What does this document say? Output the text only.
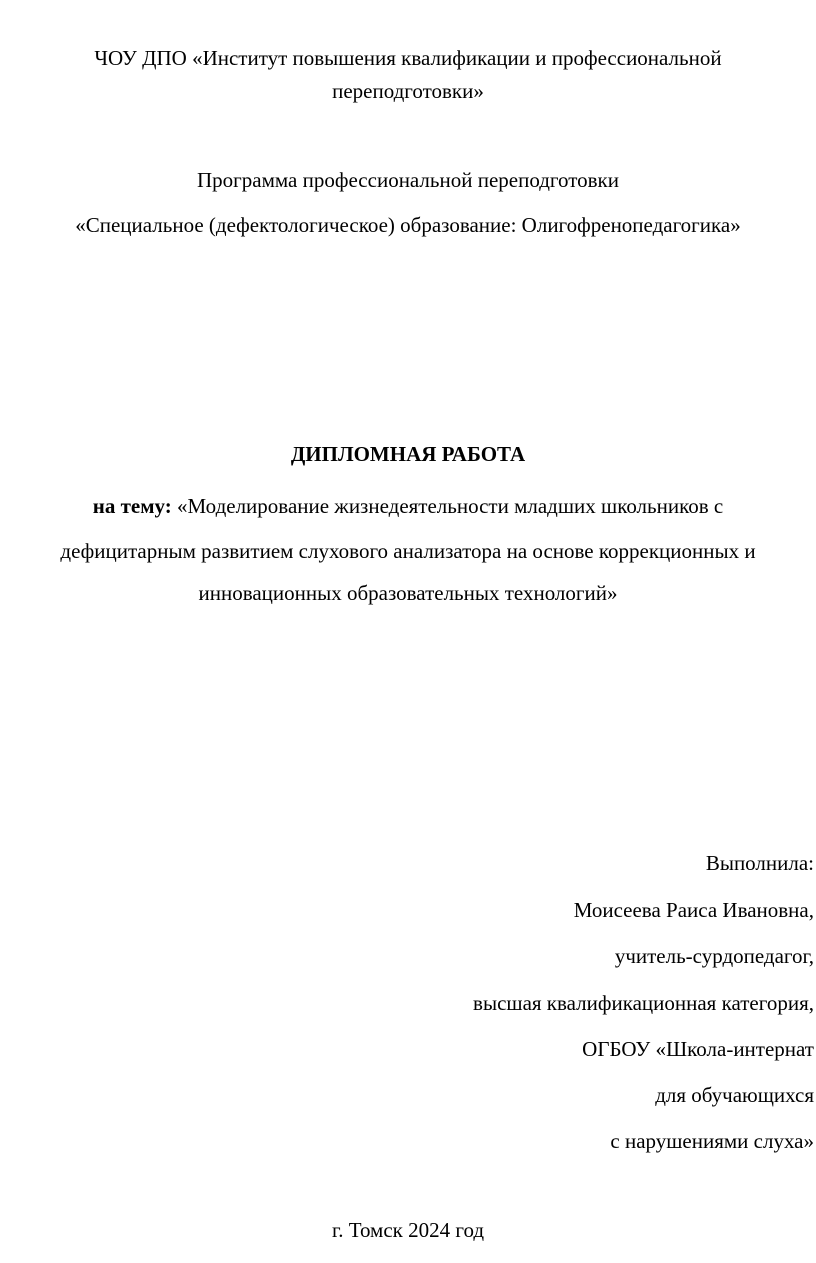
ЧОУ ДПО «Институт повышения квалификации и профессиональной
переподготовки»
Программа профессиональной переподготовки
«Специальное (дефектологическое) образование: Олигофренопедагогика»
ДИПЛОМНАЯ РАБОТА
на тему: «Моделирование жизнедеятельности младших школьников с
дефицитарным развитием слухового анализатора на основе коррекционных и
инновационных образовательных технологий»
Выполнила:
Моисеева Раиса Ивановна,
учитель-сурдопедагог,
высшая квалификационная категория,
ОГБОУ «Школа-интернат
для обучающихся
с нарушениями слуха»
г. Томск 2024 год
